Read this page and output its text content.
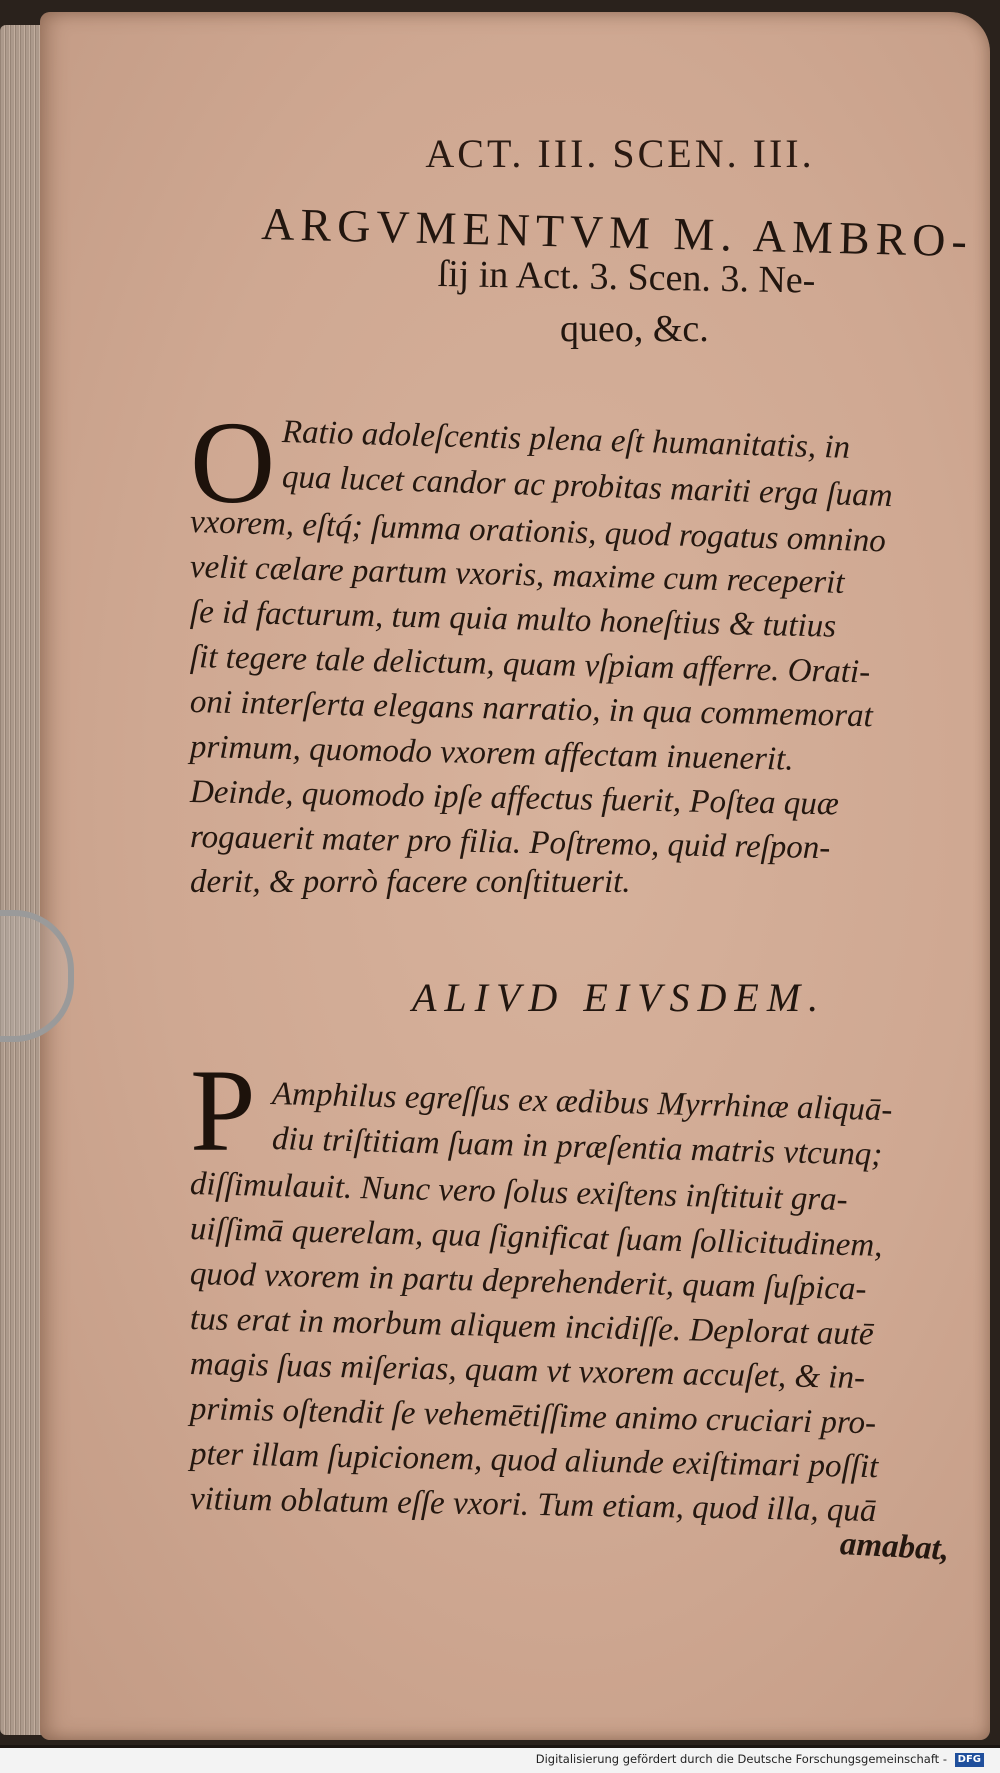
ACT. III. SCEN. III.
ARGVMENTVM M. AMBRO-
ſij in Act. 3. Scen. 3. Ne-
queo, &c.
O Ratio adoleſcentis plena eſt humanitatis, in
qua lucet candor ac probitas mariti erga ſuam
vxorem, eſtq́; ſumma orationis, quod rogatus omnino
velit cælare partum vxoris, maxime cum receperit
ſe id facturum, tum quia multo honeſtius & tutius
ſit tegere tale delictum, quam vſpiam afferre. Orati-
oni interſerta elegans narratio, in qua commemorat
primum, quomodo vxorem affectam inuenerit.
Deinde, quomodo ipſe affectus fuerit, Poſtea quæ
rogauerit mater pro filia. Poſtremo, quid reſpon-
derit, & porrò facere conſtituerit.
ALIVD EIVSDEM.
P Amphilus egreſſus ex ædibus Myrrhinæ aliquā-
diu triſtitiam ſuam in præſentia matris vtcunq;
diſſimulauit. Nunc vero ſolus exiſtens inſtituit gra-
uiſſimā querelam, qua ſignificat ſuam ſollicitudinem,
quod vxorem in partu deprehenderit, quam ſuſpica-
tus erat in morbum aliquem incidiſſe. Deplorat autē
magis ſuas miſerias, quam vt vxorem accuſet, & in-
primis oſtendit ſe vehemētiſſime animo cruciari pro-
pter illam ſupicionem, quod aliunde exiſtimari poſſit
vitium oblatum eſſe vxori. Tum etiam, quod illa, quā
amabat,
Digitalisierung gefördert durch die Deutsche Forschungsgemeinschaft - DFG
